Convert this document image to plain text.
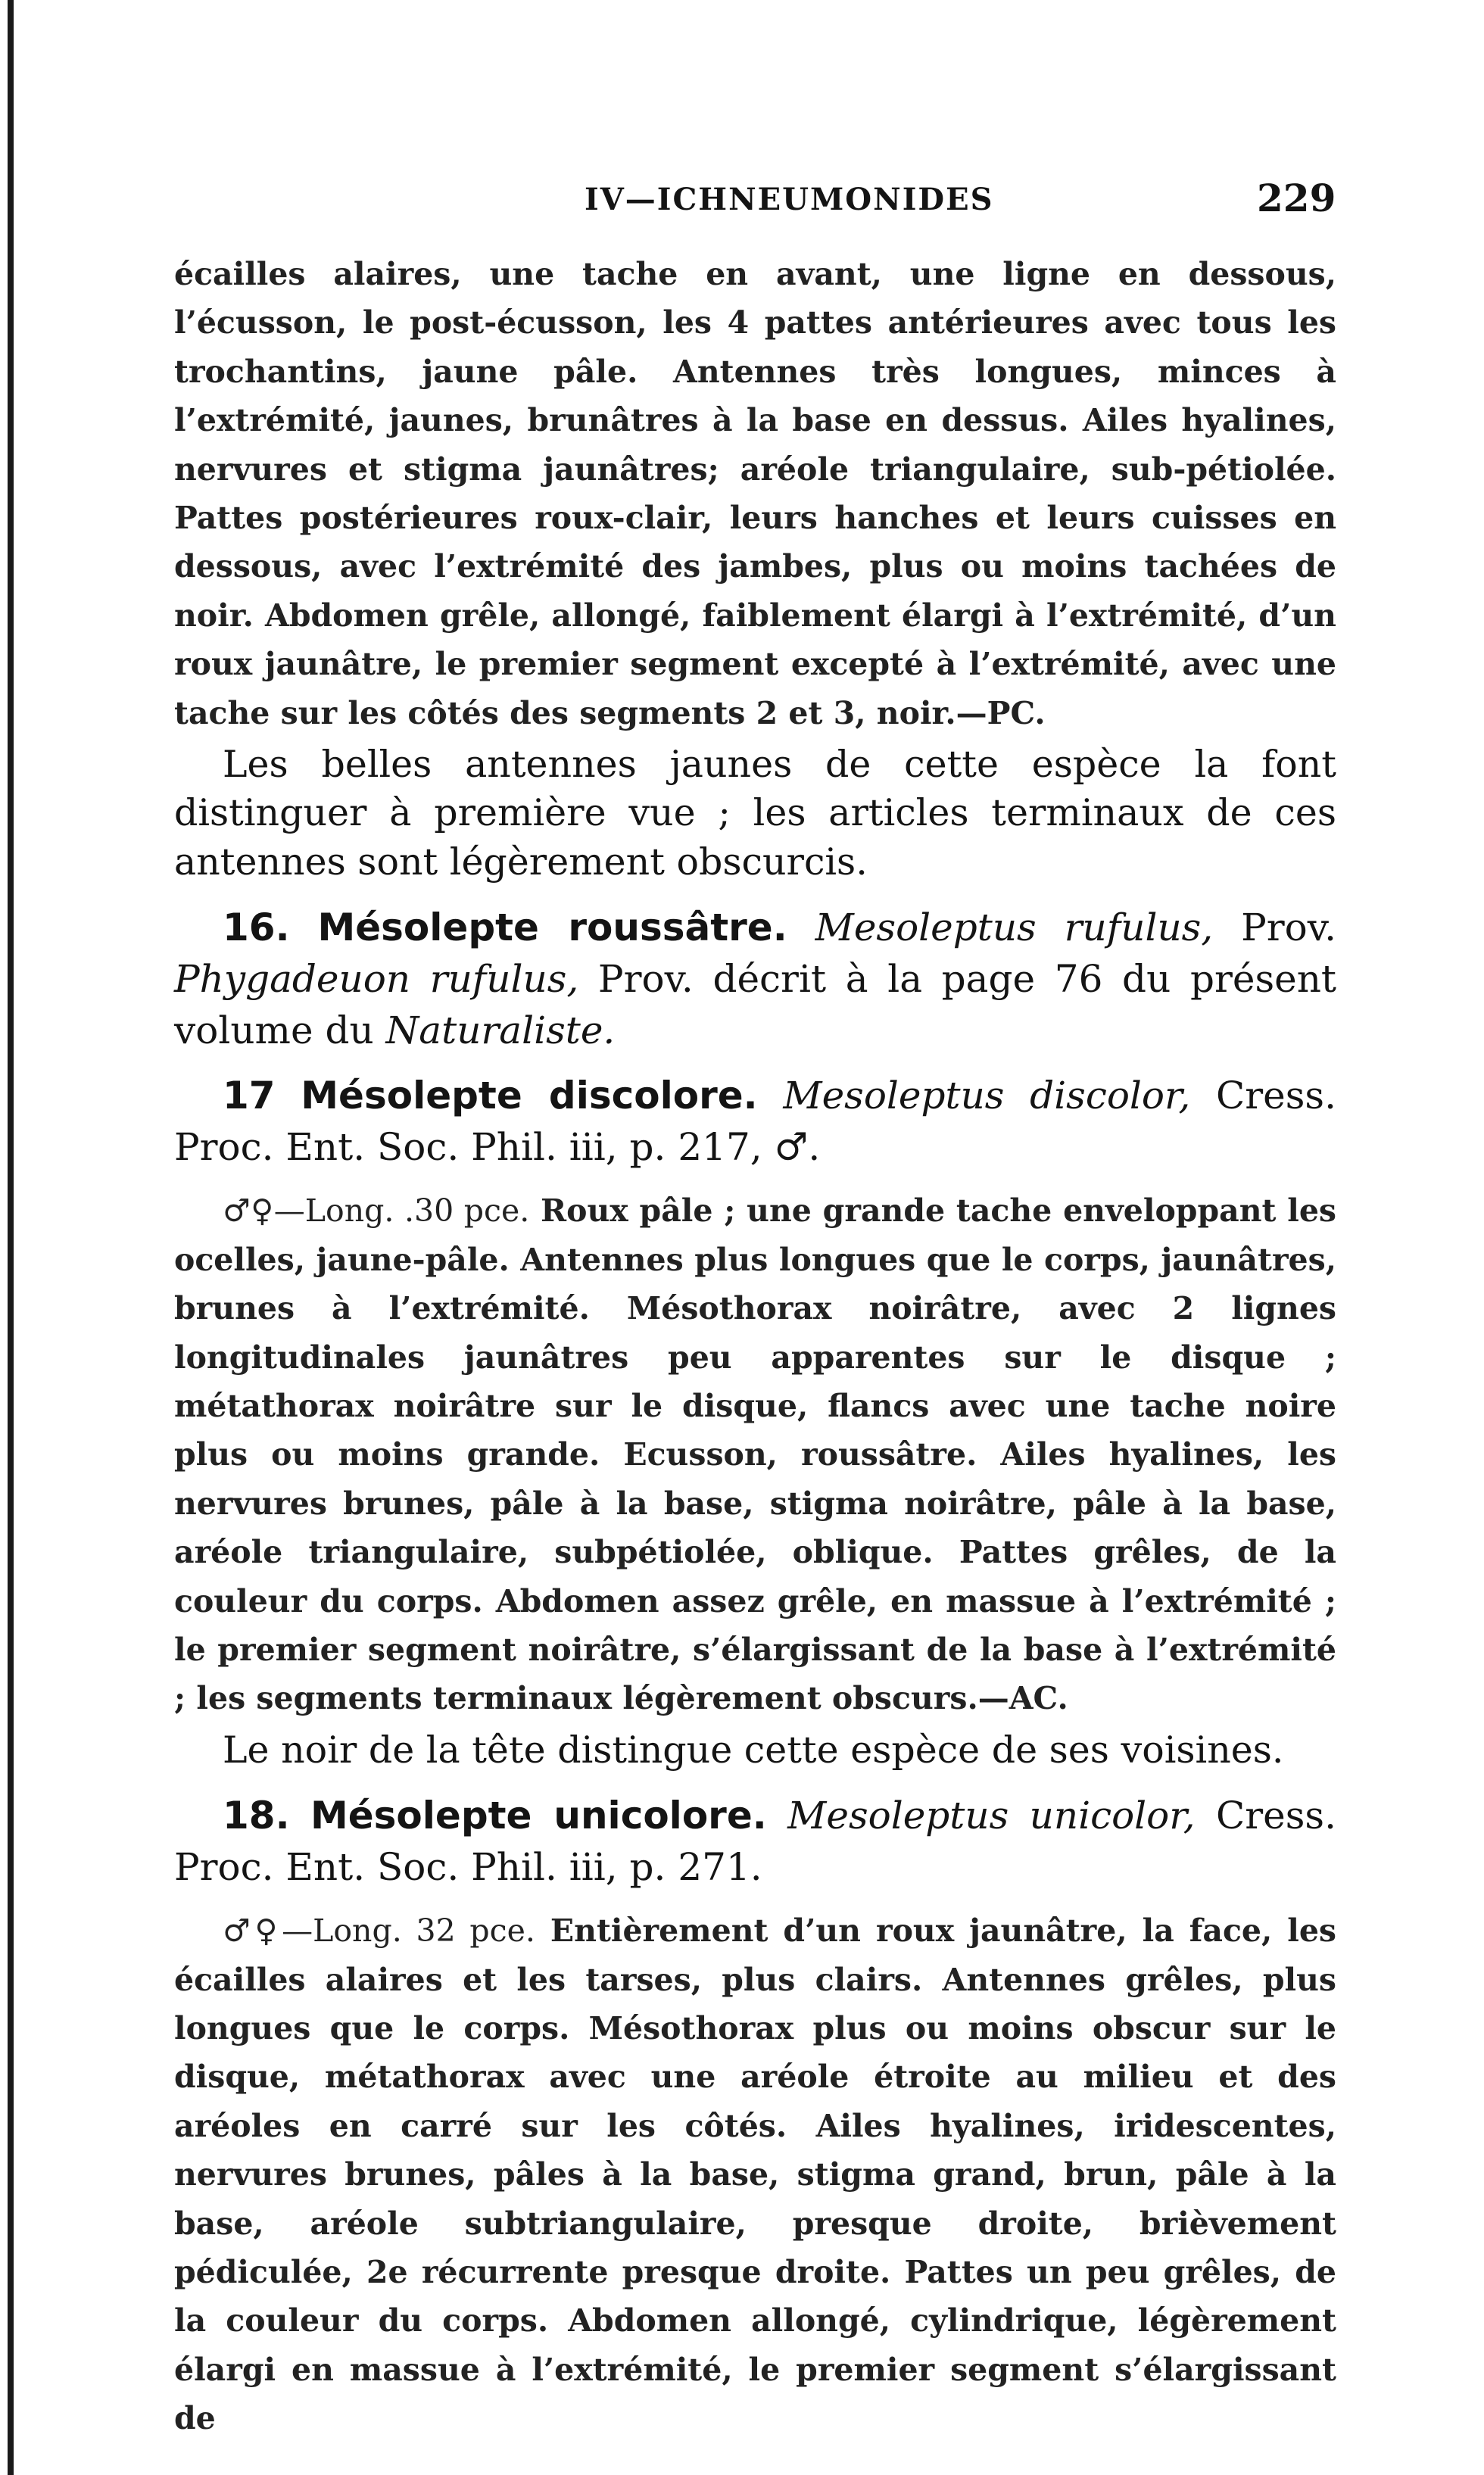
IV—ICHNEUMONIDES	229

écailles alaires, une tache en avant, une ligne en dessous, l’écusson, le post-écusson, les 4 pattes antérieures avec tous les trochantins, jaune pâle. Antennes très longues, minces à l’extrémité, jaunes, brunâtres à la base en dessus. Ailes hyalines, nervures et stigma jaunâtres; aréole triangulaire, sub-pétiolée. Pattes postérieures roux-clair, leurs hanches et leurs cuisses en dessous, avec l’extrémité des jambes, plus ou moins tachées de noir. Abdomen grêle, allongé, faiblement élargi à l’extrémité, d’un roux jaunâtre, le premier segment excepté à l’extrémité, avec une tache sur les côtés des segments 2 et 3, noir.—PC.

Les belles antennes jaunes de cette espèce la font distinguer à première vue ; les articles terminaux de ces antennes sont légèrement obscurcis.

16. Mésolepte roussâtre. Mesoleptus rufulus, Prov. Phygadeuon rufulus, Prov. décrit à la page 76 du présent volume du Naturaliste.

17 Mésolepte discolore. Mesoleptus discolor, Cress. Proc. Ent. Soc. Phil. iii, p. 217, ♂.

♂♀—Long. .30 pce. Roux pâle ; une grande tache enveloppant les ocelles, jaune-pâle. Antennes plus longues que le corps, jaunâtres, brunes à l’extrémité. Mésothorax noirâtre, avec 2 lignes longitudinales jaunâtres peu apparentes sur le disque ; métathorax noirâtre sur le disque, flancs avec une tache noire plus ou moins grande. Ecusson, roussâtre. Ailes hyalines, les nervures brunes, pâle à la base, stigma noirâtre, pâle à la base, aréole triangulaire, subpétiolée, oblique. Pattes grêles, de la couleur du corps. Abdomen assez grêle, en massue à l’extrémité ; le premier segment noirâtre, s’élargissant de la base à l’extrémité ; les segments terminaux légèrement obscurs.—AC.

Le noir de la tête distingue cette espèce de ses voisines.

18. Mésolepte unicolore. Mesoleptus unicolor, Cress. Proc. Ent. Soc. Phil. iii, p. 271.

♂♀—Long. 32 pce. Entièrement d’un roux jaunâtre, la face, les écailles alaires et les tarses, plus clairs. Antennes grêles, plus longues que le corps. Mésothorax plus ou moins obscur sur le disque, métathorax avec une aréole étroite au milieu et des aréoles en carré sur les côtés. Ailes hyalines, iridescentes, nervures brunes, pâles à la base, stigma grand, brun, pâle à la base, aréole subtriangulaire, presque droite, brièvement pédiculée, 2e récurrente presque droite. Pattes un peu grêles, de la couleur du corps. Abdomen allongé, cylindrique, légèrement élargi en massue à l’extrémité, le premier segment s’élargissant de
